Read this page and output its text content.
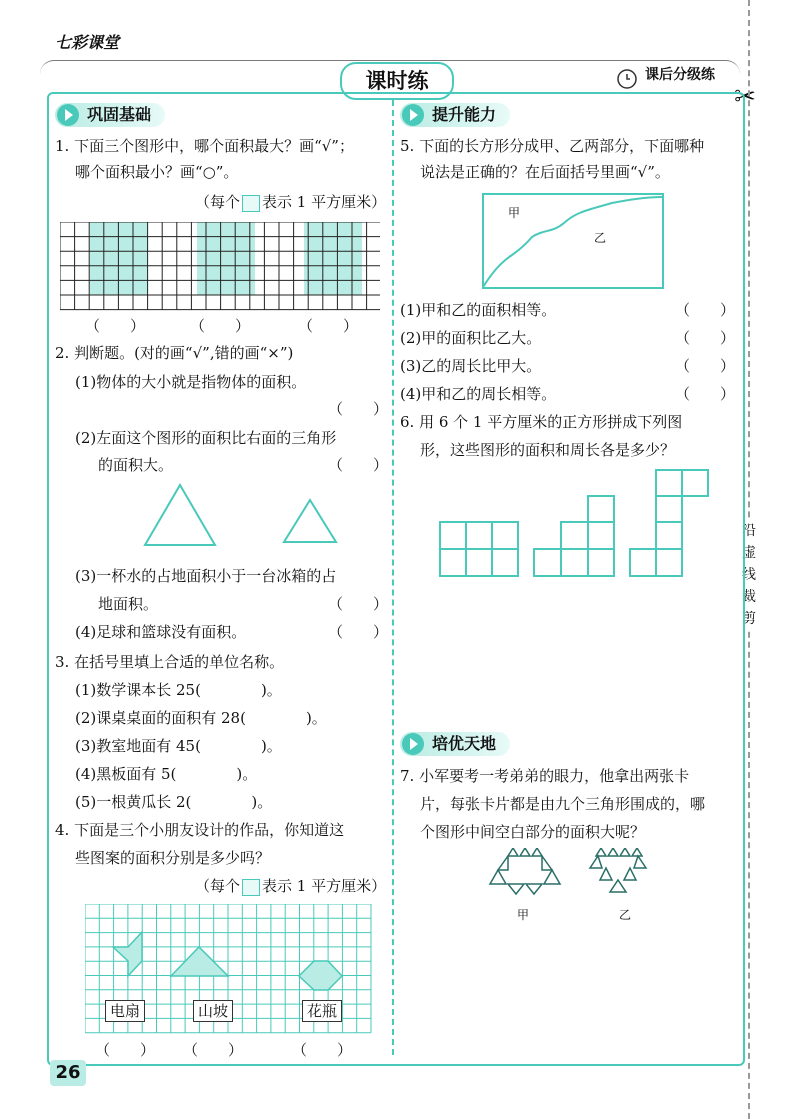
七彩课堂
课时练	课后分级练
✂
沿虚线裁剪
巩固基础
1. 下面三个图形中，哪个面积最大？画“√”；
哪个面积最小？画“○”。
（每个 表示 1 平方厘米）
（　　）	（　　）	（　　）
2. 判断题。(对的画“√”,错的画“×”)
(1)物体的大小就是指物体的面积。
（　　）
(2)左面这个图形的面积比右面的三角形
的面积大。	（　　）
(3)一杯水的占地面积小于一台冰箱的占
地面积。	（　　）
(4)足球和篮球没有面积。	（　　）
3. 在括号里填上合适的单位名称。
(1)数学课本长 25(　　　　)。
(2)课桌桌面的面积有 28(　　　　)。
(3)教室地面有 45(　　　　)。
(4)黑板面有 5(　　　　)。
(5)一根黄瓜长 2(　　　　)。
4. 下面是三个小朋友设计的作品，你知道这
些图案的面积分别是多少吗？
（每个 表示 1 平方厘米）
电扇	山坡	花瓶
（　　） （　　）	（　　）
提升能力
5. 下面的长方形分成甲、乙两部分，下面哪种
说法是正确的？在后面括号里画“√”。
甲
乙
(1)甲和乙的面积相等。	（　　）
(2)甲的面积比乙大。	（　　）
(3)乙的周长比甲大。	（　　）
(4)甲和乙的周长相等。	（　　）
6. 用 6 个 1 平方厘米的正方形拼成下列图
形，这些图形的面积和周长各是多少？
培优天地
7. 小军要考一考弟弟的眼力，他拿出两张卡
片，每张卡片都是由九个三角形围成的，哪
个图形中间空白部分的面积大呢？
甲	乙
26
